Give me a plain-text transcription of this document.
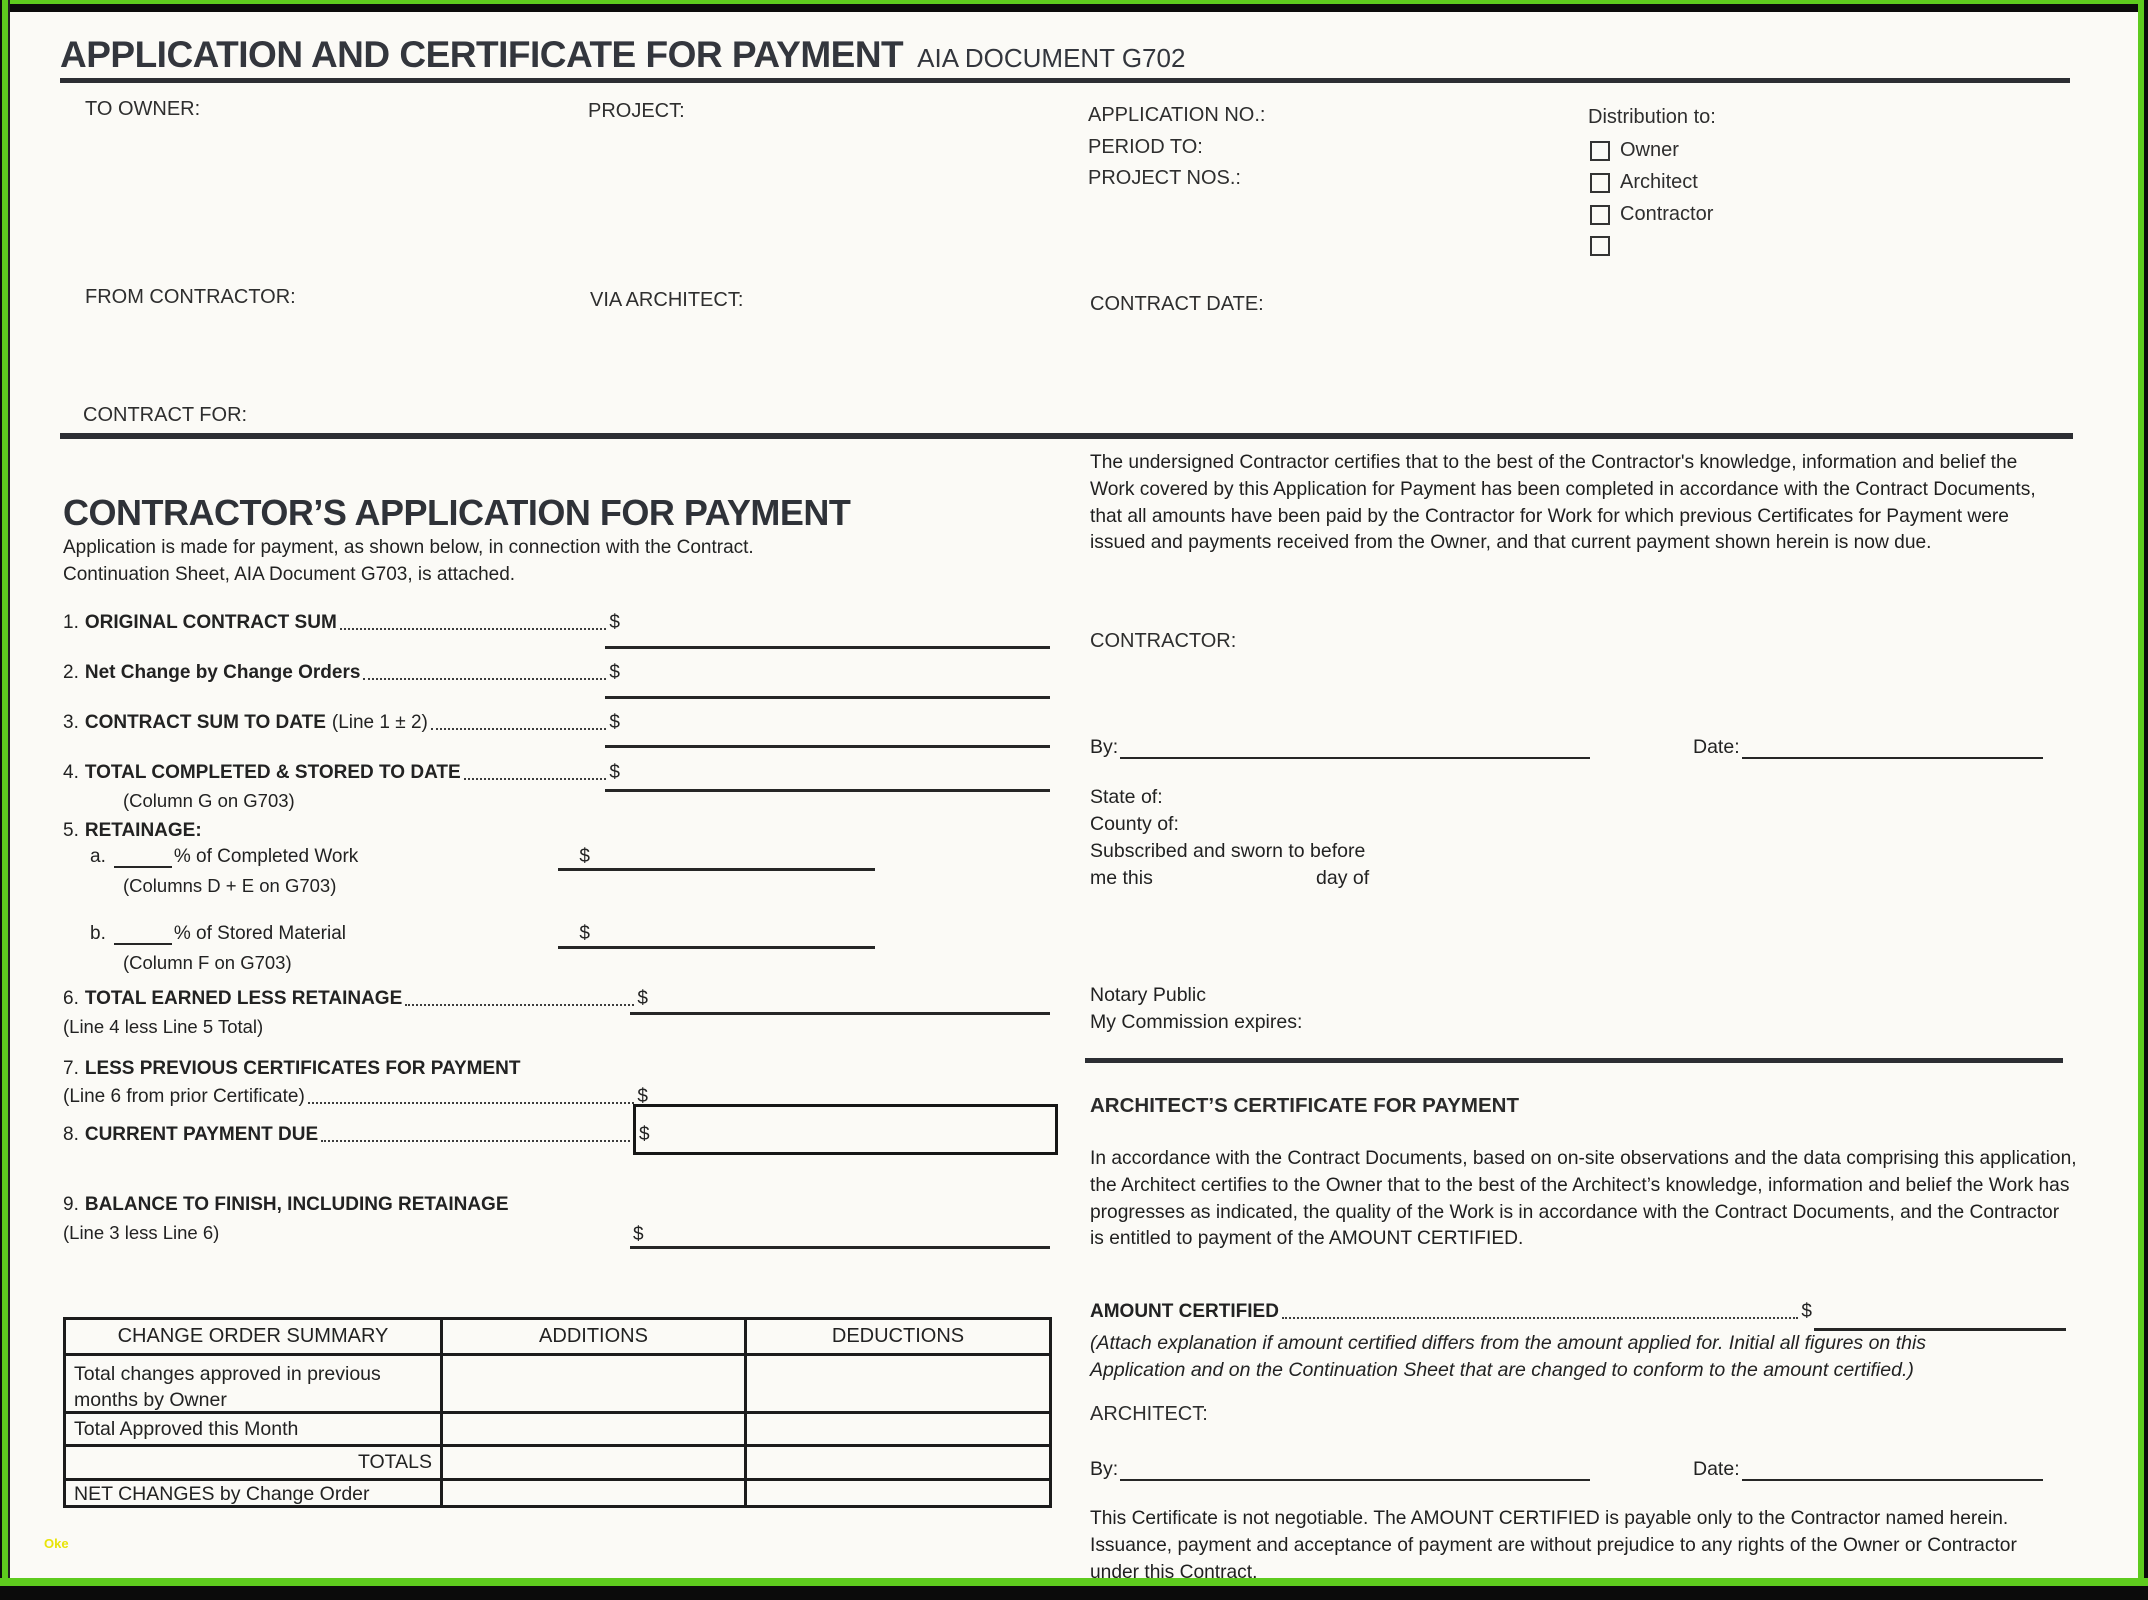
APPLICATION AND CERTIFICATE FOR PAYMENT AIA DOCUMENT G702
TO OWNER:	PROJECT:	APPLICATION NO.:
PERIOD TO:
PROJECT NOS.:
Distribution to:
Owner
Architect
Contractor
FROM CONTRACTOR:	VIA ARCHITECT:	CONTRACT DATE:
CONTRACT FOR:
CONTRACTOR’S APPLICATION FOR PAYMENT
Application is made for payment, as shown below, in connection with the Contract.
Continuation Sheet, AIA Document G703, is attached.
1. ORIGINAL CONTRACT SUM	$
2. Net Change by Change Orders	$
3. CONTRACT SUM TO DATE (Line 1 ± 2)	$
4. TOTAL COMPLETED & STORED TO DATE	$
(Column G on G703)
5. RETAINAGE:
a.	% of Completed Work	$
(Columns D + E on G703)
b.	% of Stored Material	$
(Column F on G703)
6. TOTAL EARNED LESS RETAINAGE	$
(Line 4 less Line 5 Total)
7. LESS PREVIOUS CERTIFICATES FOR PAYMENT
(Line 6 from prior Certificate)	$
8. CURRENT PAYMENT DUE	$
9. BALANCE TO FINISH, INCLUDING RETAINAGE
(Line 3 less Line 6)	$
CHANGE ORDER SUMMARY	ADDITIONS	DEDUCTIONS
Total changes approved in previous months by Owner
Total Approved this Month
TOTALS
NET CHANGES by Change Order
Oke
The undersigned Contractor certifies that to the best of the Contractor's knowledge, information and belief the Work covered by this Application for Payment has been completed in accordance with the Contract Documents, that all amounts have been paid by the Contractor for Work for which previous Certificates for Payment were issued and payments received from the Owner, and that current payment shown herein is now due.
CONTRACTOR:
By:	Date:
State of:
County of:
Subscribed and sworn to before
me this	day of
Notary Public
My Commission expires:
ARCHITECT’S CERTIFICATE FOR PAYMENT
In accordance with the Contract Documents, based on on-site observations and the data comprising this application, the Architect certifies to the Owner that to the best of the Architect’s knowledge, information and belief the Work has progresses as indicated, the quality of the Work is in accordance with the Contract Documents, and the Contractor is entitled to payment of the AMOUNT CERTIFIED.
AMOUNT CERTIFIED	$
(Attach explanation if amount certified differs from the amount applied for. Initial all figures on this
Application and on the Continuation Sheet that are changed to conform to the amount certified.)
ARCHITECT:
By:	Date:
This Certificate is not negotiable. The AMOUNT CERTIFIED is payable only to the Contractor named herein. Issuance, payment and acceptance of payment are without prejudice to any rights of the Owner or Contractor under this Contract.
